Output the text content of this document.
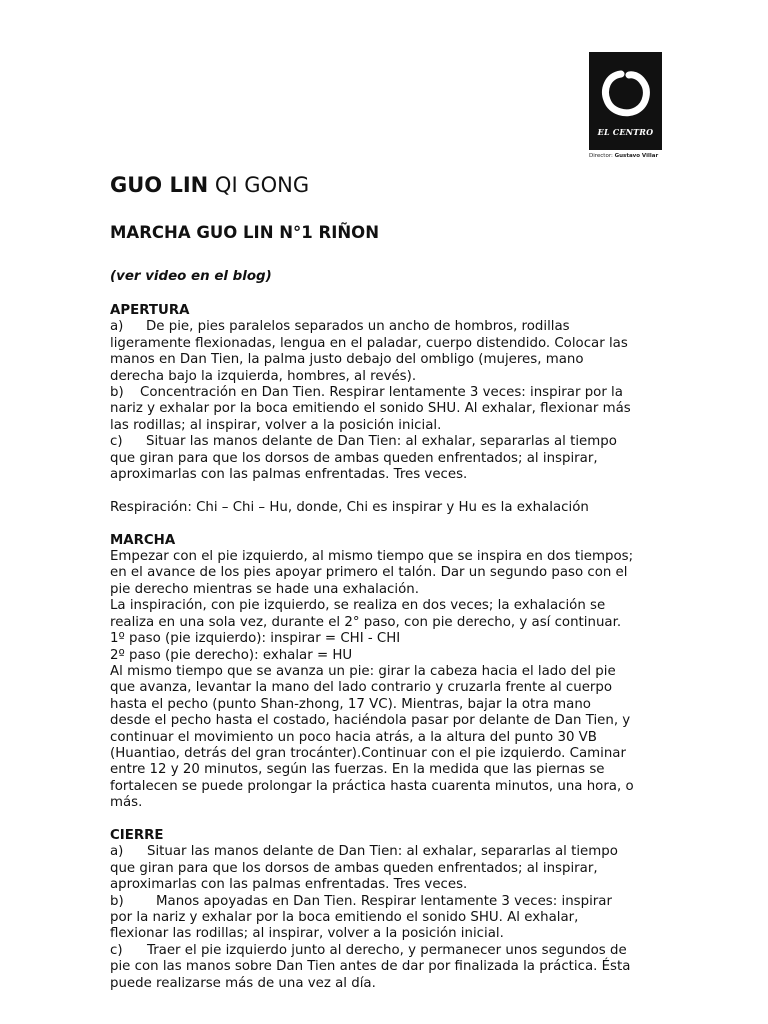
EL CENTRO
Director: Gustavo Villar
GUO LIN QI GONG
MARCHA GUO LIN N°1 RIÑON

(ver video en el blog)

APERTURA
a) De pie, pies paralelos separados un ancho de hombros, rodillas
ligeramente flexionadas, lengua en el paladar, cuerpo distendido. Colocar las
manos en Dan Tien, la palma justo debajo del ombligo (mujeres, mano
derecha bajo la izquierda, hombres, al revés).
b) Concentración en Dan Tien. Respirar lentamente 3 veces: inspirar por la
nariz y exhalar por la boca emitiendo el sonido SHU. Al exhalar, flexionar más
las rodillas; al inspirar, volver a la posición inicial.
c) Situar las manos delante de Dan Tien: al exhalar, separarlas al tiempo
que giran para que los dorsos de ambas queden enfrentados; al inspirar,
aproximarlas con las palmas enfrentadas. Tres veces.
Respiración: Chi – Chi – Hu, donde, Chi es inspirar y Hu es la exhalación
MARCHA
Empezar con el pie izquierdo, al mismo tiempo que se inspira en dos tiempos;
en el avance de los pies apoyar primero el talón. Dar un segundo paso con el
pie derecho mientras se hade una exhalación.
La inspiración, con pie izquierdo, se realiza en dos veces; la exhalación se
realiza en una sola vez, durante el 2° paso, con pie derecho, y así continuar.
1º paso (pie izquierdo): inspirar = CHI - CHI
2º paso (pie derecho): exhalar = HU
Al mismo tiempo que se avanza un pie: girar la cabeza hacia el lado del pie
que avanza, levantar la mano del lado contrario y cruzarla frente al cuerpo
hasta el pecho (punto Shan-zhong, 17 VC). Mientras, bajar la otra mano
desde el pecho hasta el costado, haciéndola pasar por delante de Dan Tien, y
continuar el movimiento un poco hacia atrás, a la altura del punto 30 VB
(Huantiao, detrás del gran trocánter).Continuar con el pie izquierdo. Caminar
entre 12 y 20 minutos, según las fuerzas. En la medida que las piernas se
fortalecen se puede prolongar la práctica hasta cuarenta minutos, una hora, o
más.
CIERRE
a) Situar las manos delante de Dan Tien: al exhalar, separarlas al tiempo
que giran para que los dorsos de ambas queden enfrentados; al inspirar,
aproximarlas con las palmas enfrentadas. Tres veces.
b) Manos apoyadas en Dan Tien. Respirar lentamente 3 veces: inspirar
por la nariz y exhalar por la boca emitiendo el sonido SHU. Al exhalar,
flexionar las rodillas; al inspirar, volver a la posición inicial.
c) Traer el pie izquierdo junto al derecho, y permanecer unos segundos de
pie con las manos sobre Dan Tien antes de dar por finalizada la práctica. Ésta
puede realizarse más de una vez al día.
